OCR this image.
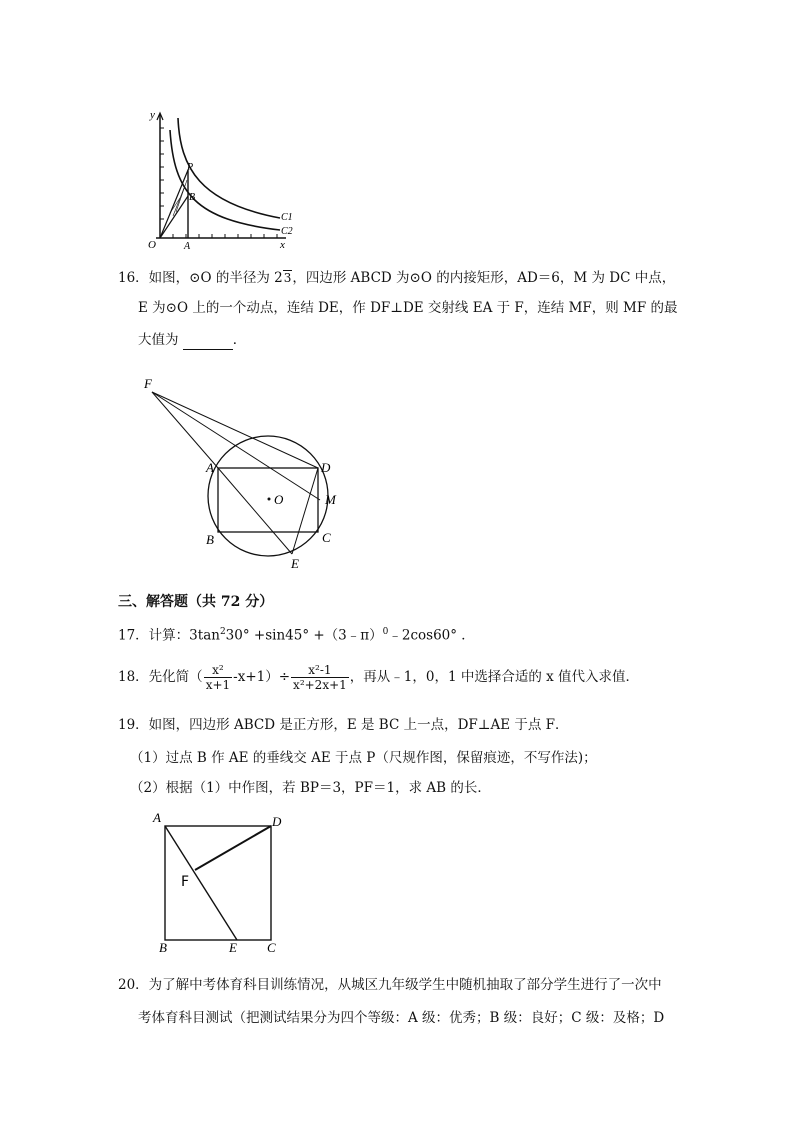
y
x
O	A
P
B
C1
C2
16．如图，⊙O 的半径为 23，四边形 ABCD 为⊙O 的内接矩形，AD＝6，M 为 DC 中点，
E 为⊙O 上的一个动点，连结 DE，作 DF⊥DE 交射线 EA 于 F，连结 MF，则 MF 的最
大值为	．
F
A	D
O	M
B	C
E
三、解答题（共 72 分）
17．计算：$3\tan^230^\circ +\sin 45^\circ$ +（3﹣π）$^0$﹣2cos60° ．
18．先化简（ $\frac{\text{x²}}{x+1} -x+1)\div \frac{\text{x²-1}}{\text{x²+2x+1}}$ ，再从﹣1，0，1 中选择合适的 x 值代入求值．
19．如图，四边形 ABCD 是正方形，E 是 BC 上一点，DF⊥AE 于点 F．
（1）过点 B 作 AE 的垂线交 AE 于点 P（尺规作图，保留痕迹，不写作法)；
（2）根据（1）中作图，若 BP＝3，PF＝1，求 AB 的长．
A	D
F
B	E C
20．为了解中考体育科目训练情况，从城区九年级学生中随机抽取了部分学生进行了一次中
考体育科目测试（把测试结果分为四个等级：A 级：优秀；B 级：良好；C 级：及格；D
